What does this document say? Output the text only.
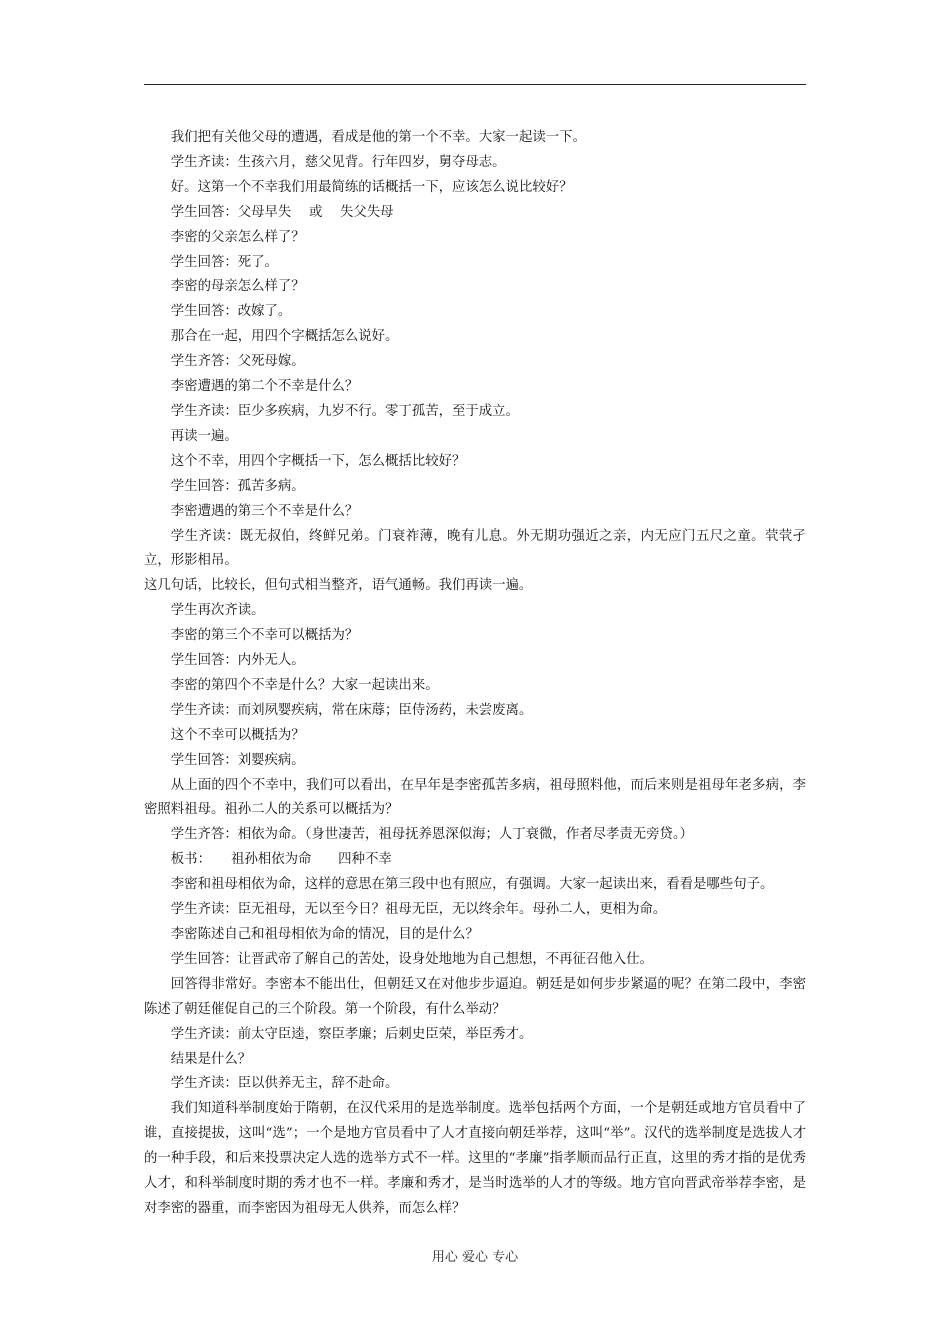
我们把有关他父母的遭遇，看成是他的第一个不幸。大家一起读一下。

学生齐读：生孩六月，慈父见背。行年四岁，舅夺母志。

好。这第一个不幸我们用最简练的话概括一下，应该怎么说比较好？

学生回答：父母早失　 或 　失父失母

李密的父亲怎么样了？

学生回答：死了。

李密的母亲怎么样了？

学生回答：改嫁了。

那合在一起，用四个字概括怎么说好。

学生齐答：父死母嫁。

李密遭遇的第二个不幸是什么？

学生齐读：臣少多疾病，九岁不行。零丁孤苦，至于成立。

再读一遍。

这个不幸，用四个字概括一下，怎么概括比较好？

学生回答：孤苦多病。

李密遭遇的第三个不幸是什么？

学生齐读：既无叔伯，终鲜兄弟。门衰祚薄，晚有儿息。外无期功强近之亲，内无应门五尺之童。茕茕孑立，形影相吊。

这几句话，比较长，但句式相当整齐，语气通畅。我们再读一遍。

学生再次齐读。

李密的第三个不幸可以概括为？

学生回答：内外无人。

李密的第四个不幸是什么？大家一起读出来。

学生齐读：而刘夙婴疾病，常在床蓐；臣侍汤药，未尝废离。

这个不幸可以概括为？

学生回答：刘婴疾病。

从上面的四个不幸中，我们可以看出，在早年是李密孤苦多病，祖母照料他，而后来则是祖母年老多病，李密照料祖母。祖孙二人的关系可以概括为？

学生齐答：相依为命。（身世凄苦，祖母抚养恩深似海；人丁衰微，作者尽孝责无旁贷。）

板书：　　祖孙相依为命　　四种不幸

李密和祖母相依为命，这样的意思在第三段中也有照应，有强调。大家一起读出来，看看是哪些句子。

学生齐读：臣无祖母，无以至今日？祖母无臣，无以终余年。母孙二人，更相为命。

李密陈述自己和祖母相依为命的情况，目的是什么？

学生回答：让晋武帝了解自己的苦处，设身处地地为自己想想，不再征召他入仕。

回答得非常好。李密本不能出仕，但朝廷又在对他步步逼迫。朝廷是如何步步紧逼的呢？在第二段中，李密陈述了朝廷催促自己的三个阶段。第一个阶段，有什么举动？

学生齐读：前太守臣逵，察臣孝廉；后刺史臣荣，举臣秀才。

结果是什么？

学生齐读：臣以供养无主，辞不赴命。

我们知道科举制度始于隋朝，在汉代采用的是选举制度。选举包括两个方面，一个是朝廷或地方官员看中了谁，直接提拔，这叫“选”；一个是地方官员看中了人才直接向朝廷举荐，这叫“举”。汉代的选举制度是选拔人才的一种手段，和后来投票决定人选的选举方式不一样。这里的“孝廉”指孝顺而品行正直，这里的秀才指的是优秀人才，和科举制度时期的秀才也不一样。孝廉和秀才，是当时选举的人才的等级。地方官向晋武帝举荐李密，是对李密的器重，而李密因为祖母无人供养，而怎么样？

用心 爱心 专心
